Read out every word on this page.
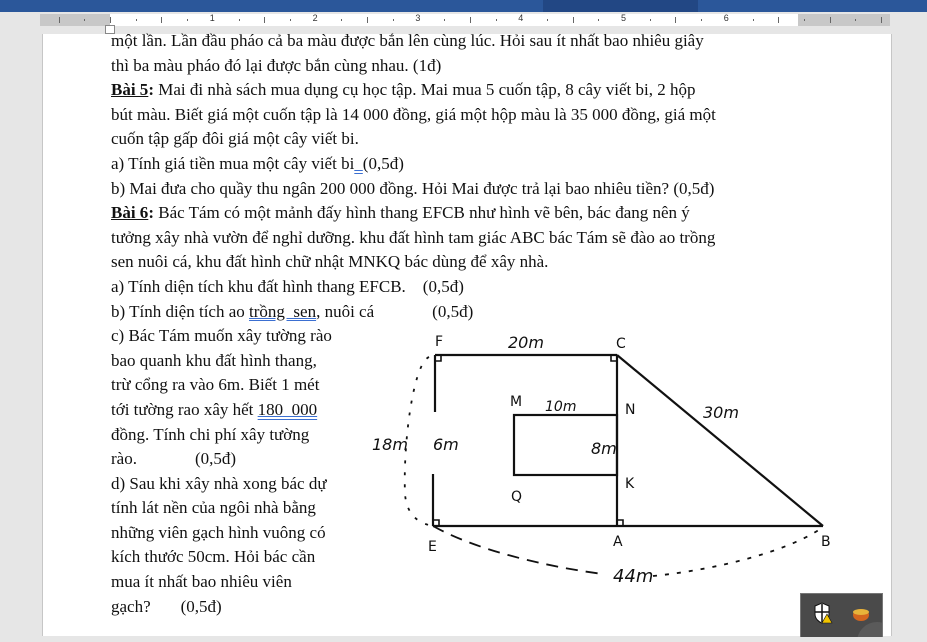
1	2	3	4	5	6
một lần. Lần đầu pháo cả ba màu được bắn lên cùng lúc. Hỏi sau ít nhất bao nhiêu giây
thì ba màu pháo đó lại được bắn cùng nhau. (1đ)
Bài 5: Mai đi nhà sách mua dụng cụ học tập. Mai mua 5 cuốn tập, 8 cây viết bi, 2 hộp
bút màu. Biết giá một cuốn tập là 14 000 đồng, giá một hộp màu là 35 000 đồng, giá một
cuốn tập gấp đôi giá một cây viết bi.
a) Tính giá tiền mua một cây viết bi (0,5đ)
b) Mai đưa cho quầy thu ngân 200 000 đồng. Hỏi Mai được trả lại bao nhiêu tiền? (0,5đ)
Bài 6: Bác Tám có một mảnh đấy hình thang EFCB như hình vẽ bên, bác đang nên ý
tưởng xây nhà vườn để nghỉ dưỡng. khu đất hình tam giác ABC bác Tám sẽ đào ao trồng
sen nuôi cá, khu đất hình chữ nhật MNKQ bác dùng để xây nhà.
a) Tính diện tích khu đất hình thang EFCB.    (0,5đ)
b) Tính diện tích ao trồng  sen, nuôi cá	(0,5đ)
c) Bác Tám muốn xây tường rào
bao quanh khu đất hình thang,
trừ cổng ra vào 6m. Biết 1 mét
tới tường rao xây hết 180  000
đồng. Tính chi phí xây tường
rào.	(0,5đ)
d) Sau khi xây nhà xong bác dự
tính lát nền của ngôi nhà bằng
những viên gạch hình vuông có
kích thước 50cm. Hỏi bác cần
mua ít nhất bao nhiêu viên
gạch? (0,5đ)
F	C
M	N
K
Q
E	A	B
20m
10m	30m
18m 6m	8m
44m
